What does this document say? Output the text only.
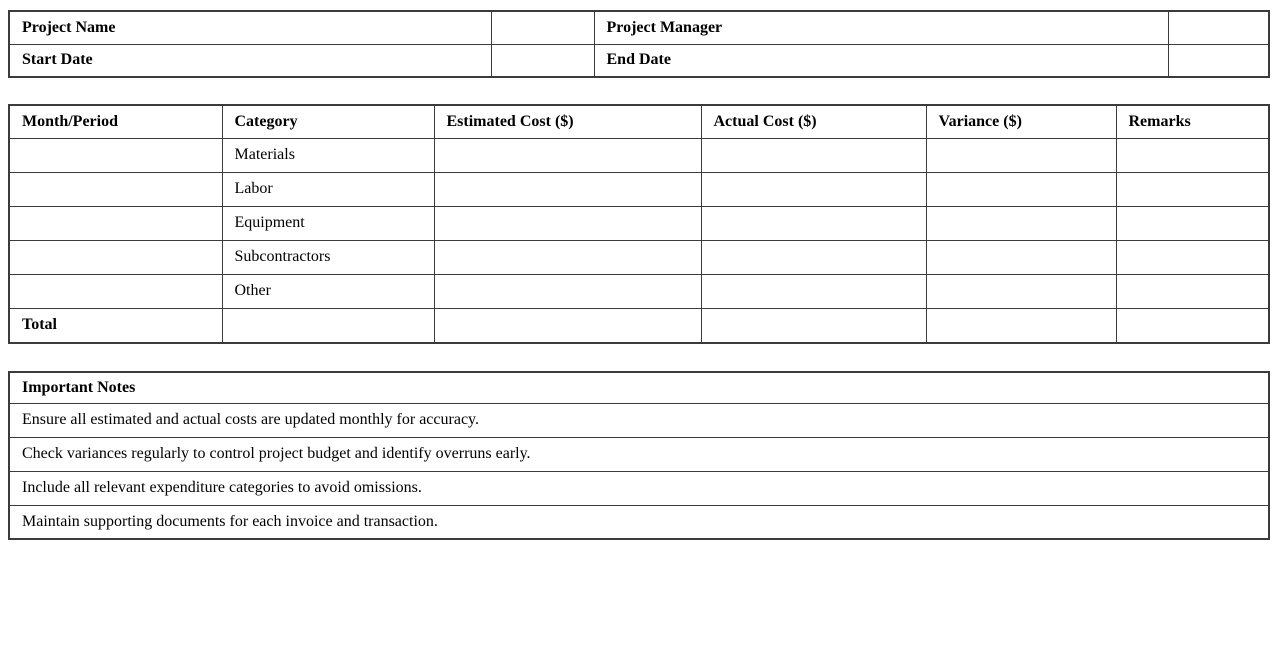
Project Name		Project Manager	
Start Date		End Date	
Month/Period	Category	Estimated Cost ($)	Actual Cost ($)	Variance ($)	Remarks
	Materials				
	Labor				
	Equipment				
	Subcontractors				
	Other				
Total					
Important Notes
Ensure all estimated and actual costs are updated monthly for accuracy.
Check variances regularly to control project budget and identify overruns early.
Include all relevant expenditure categories to avoid omissions.
Maintain supporting documents for each invoice and transaction.
